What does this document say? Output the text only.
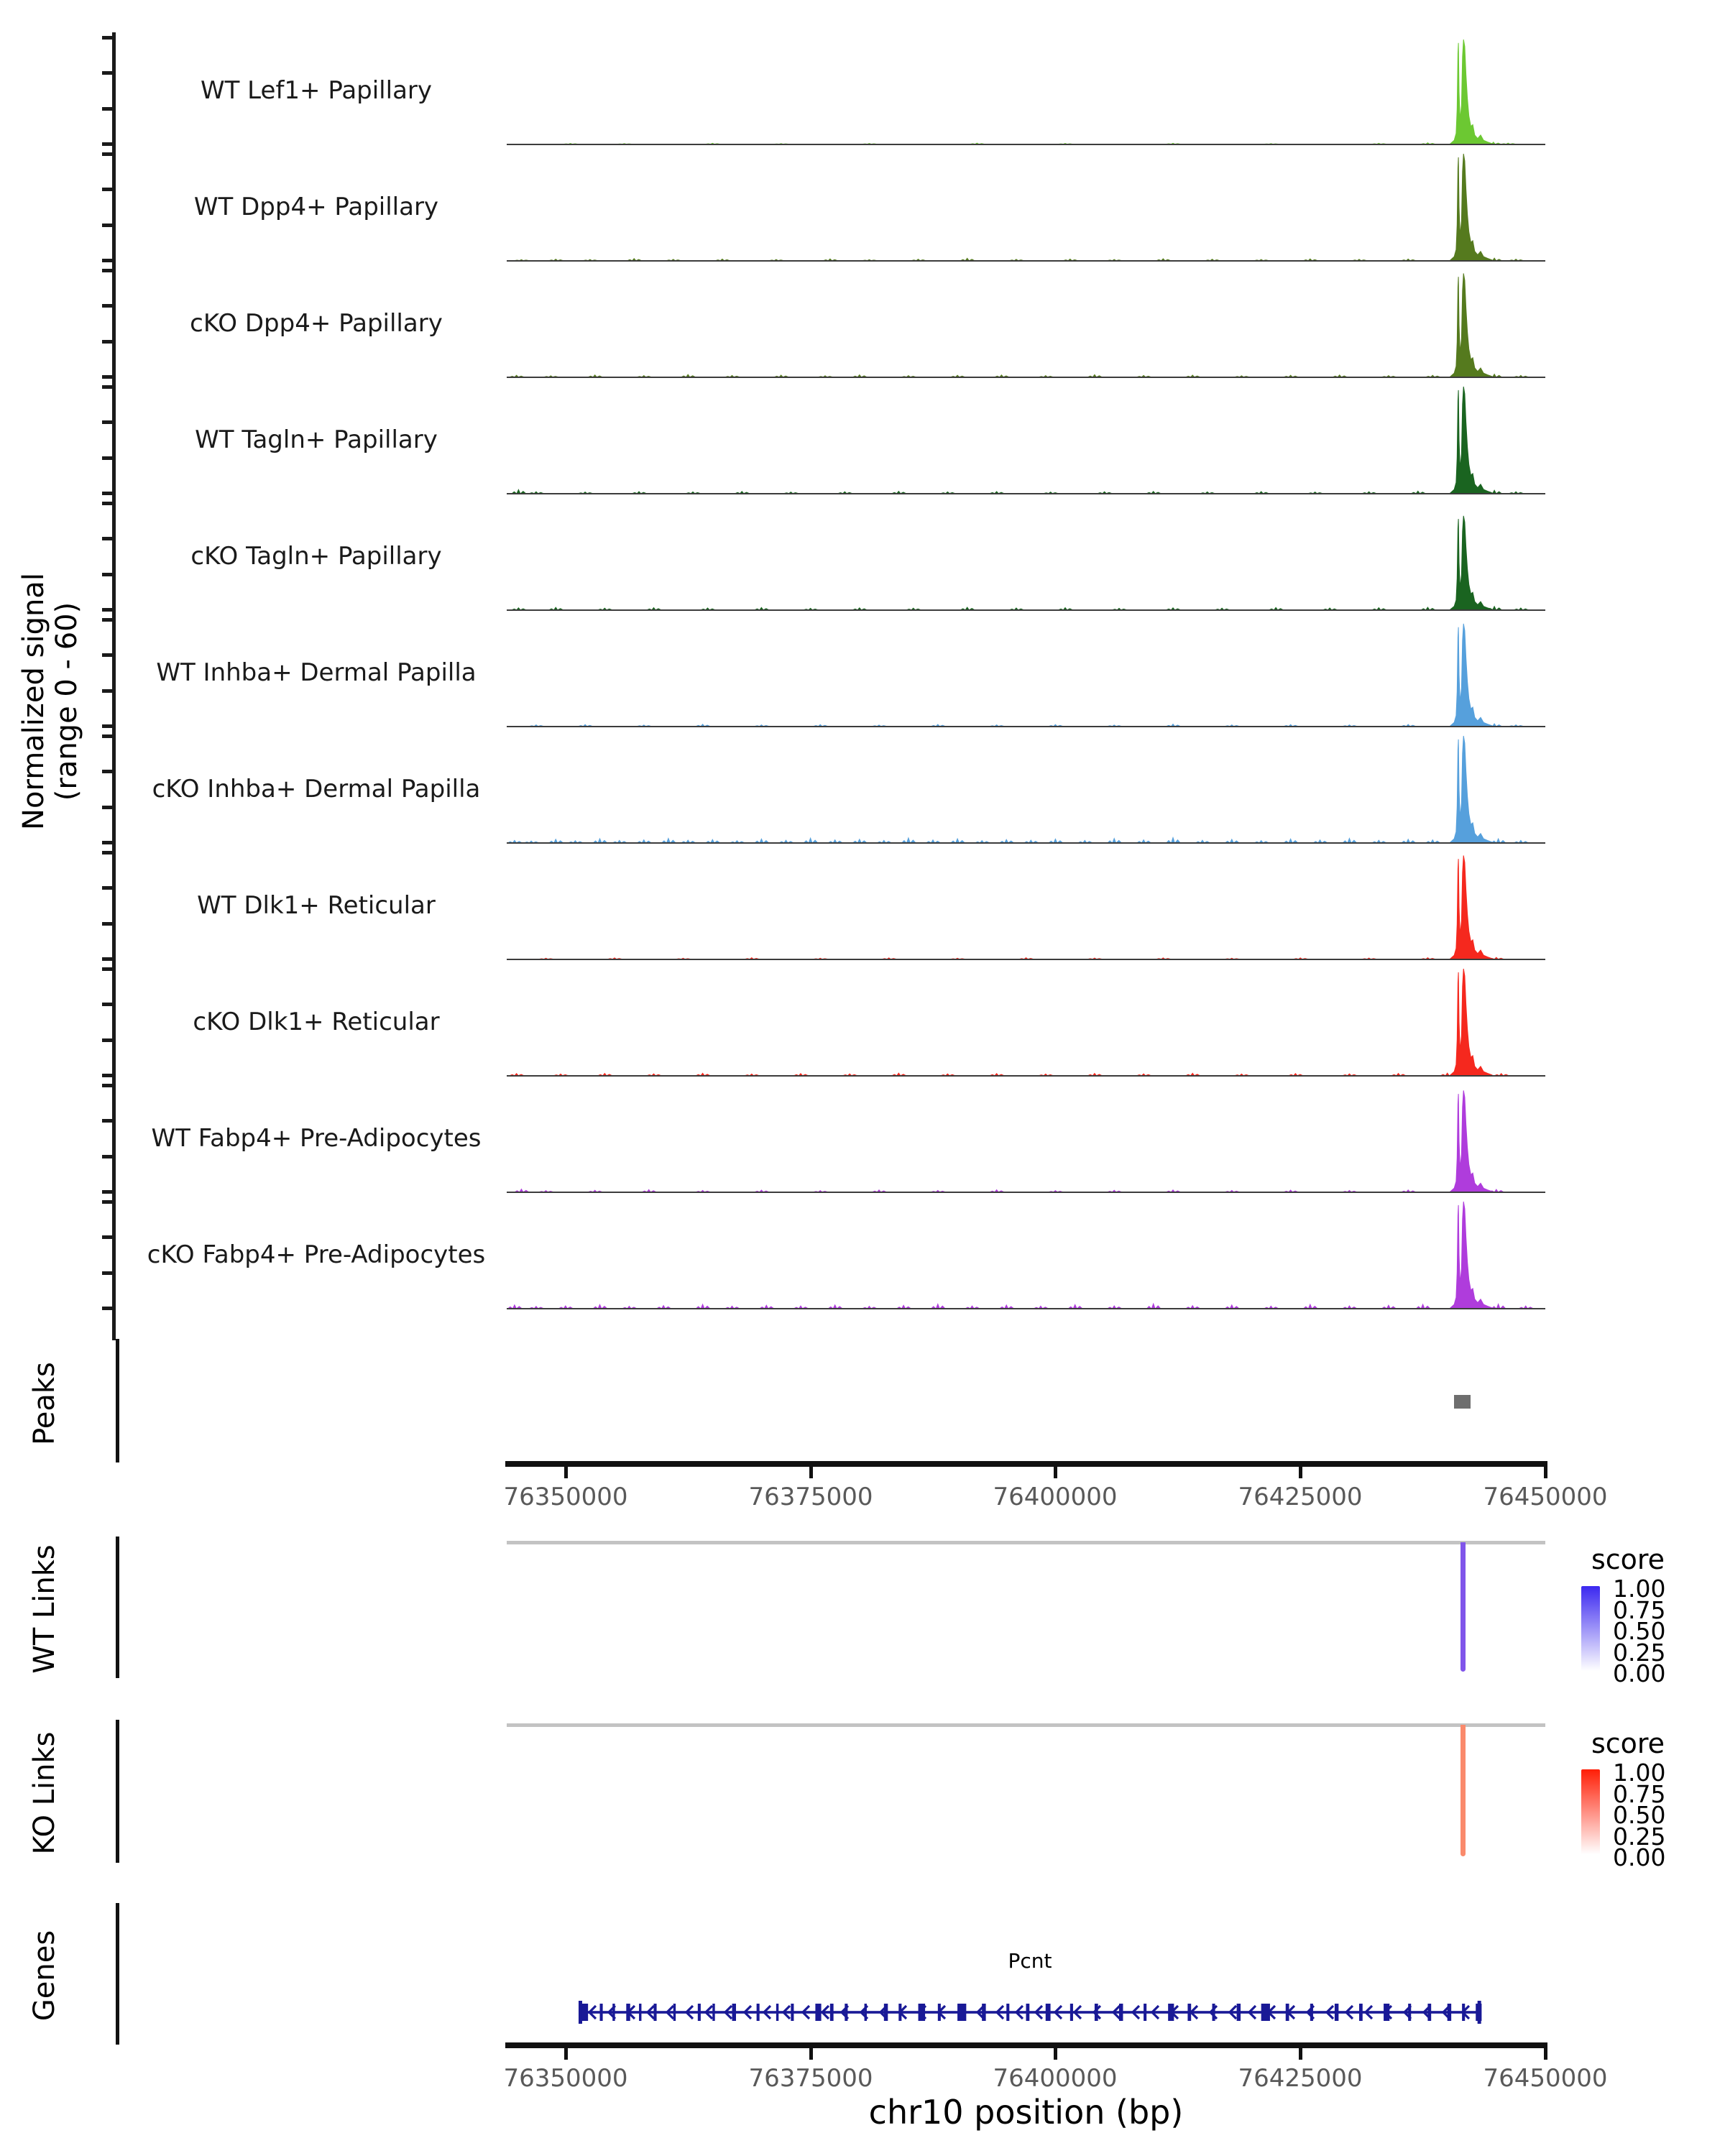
Normalized signal
(range 0 - 60)
WT Lef1+ Papillary
WT Dpp4+ Papillary
cKO Dpp4+ Papillary
WT Tagln+ Papillary
cKO Tagln+ Papillary
WT Inhba+ Dermal Papilla
cKO Inhba+ Dermal Papilla
WT Dlk1+ Reticular
cKO Dlk1+ Reticular
WT Fabp4+ Pre-Adipocytes
cKO Fabp4+ Pre-Adipocytes
Peaks
76350000	76375000	76400000	76425000	76450000
WT Links	score
1.00
0.75
0.50
0.25
0.00
KO Links	score
1.00
0.75
0.50
0.25
0.00
Genes	Pcnt
76350000	76375000	76400000	76425000	76450000
chr10 position (bp)
